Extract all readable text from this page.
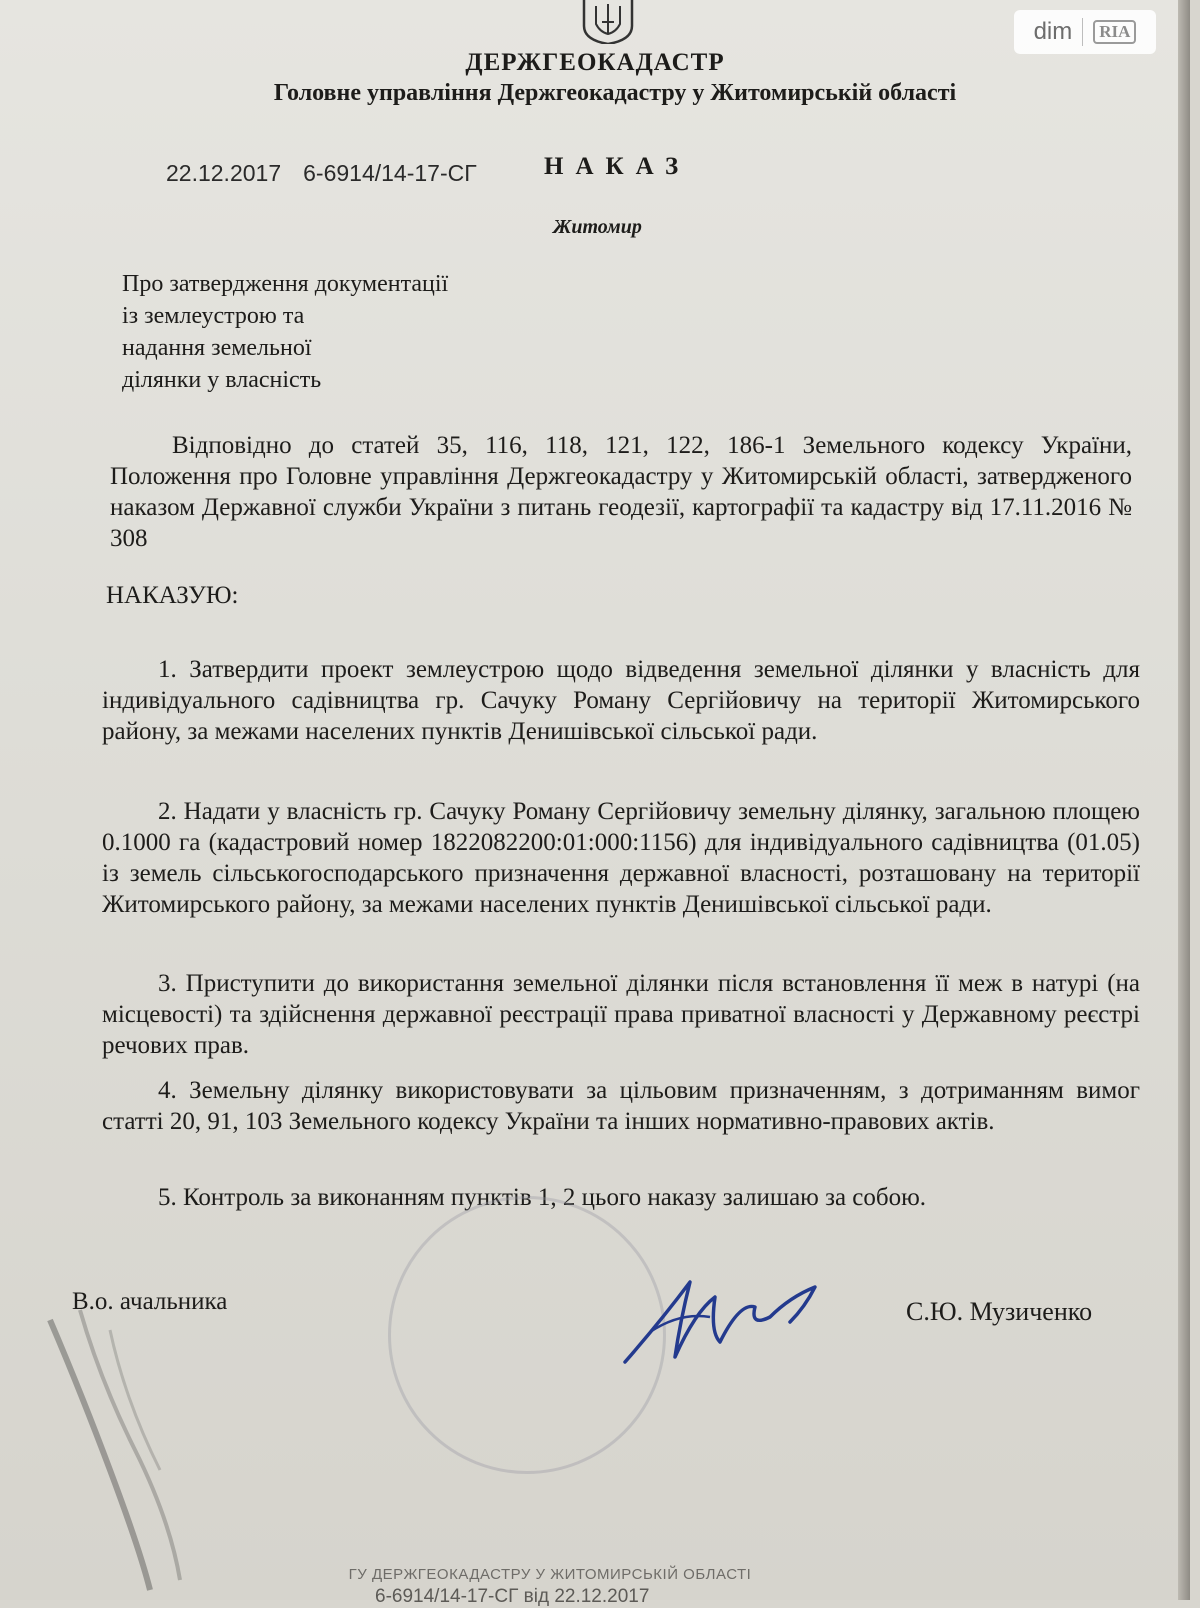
dim	RIA
ДЕРЖГЕОКАДАСТР
Головне управління Держгеокадастру у Житомирській області
22.12.2017 6-6914/14-17-СГ	НАКАЗ
Житомир
Про затвердження документації
із землеустрою та
надання земельної
ділянки у власність
Відповідно до статей 35, 116, 118, 121, 122, 186-1 Земельного кодексу України, Положення про Головне управління Держгеокадастру у Житомирській області, затвердженого наказом Державної служби України з питань геодезії, картографії та кадастру від 17.11.2016 № 308
НАКАЗУЮ:
1. Затвердити проект землеустрою щодо відведення земельної ділянки у власність для індивідуального садівництва гр. Сачуку Роману Сергійовичу на території Житомирського району, за межами населених пунктів Денишівської сільської ради.
2. Надати у власність гр. Сачуку Роману Сергійовичу земельну ділянку, загальною площею 0.1000 га (кадастровий номер 1822082200:01:000:1156) для індивідуального садівництва (01.05) із земель сільськогосподарського призначення державної власності, розташовану на території Житомирського району, за межами населених пунктів Денишівської сільської ради.
3. Приступити до використання земельної ділянки після встановлення її меж в натурі (на місцевості) та здійснення державної реєстрації права приватної власності у Державному реєстрі речових прав.
4. Земельну ділянку використовувати за цільовим призначенням, з дотриманням вимог статті 20, 91, 103 Земельного кодексу України та інших нормативно-правових актів.
5. Контроль за виконанням пунктів 1, 2 цього наказу залишаю за собою.
В.о. ачальника	С.Ю. Музиченко
ГУ ДЕРЖГЕОКАДАСТРУ У ЖИТОМИРСЬКІЙ ОБЛАСТІ
6-6914/14-17-СГ від 22.12.2017
